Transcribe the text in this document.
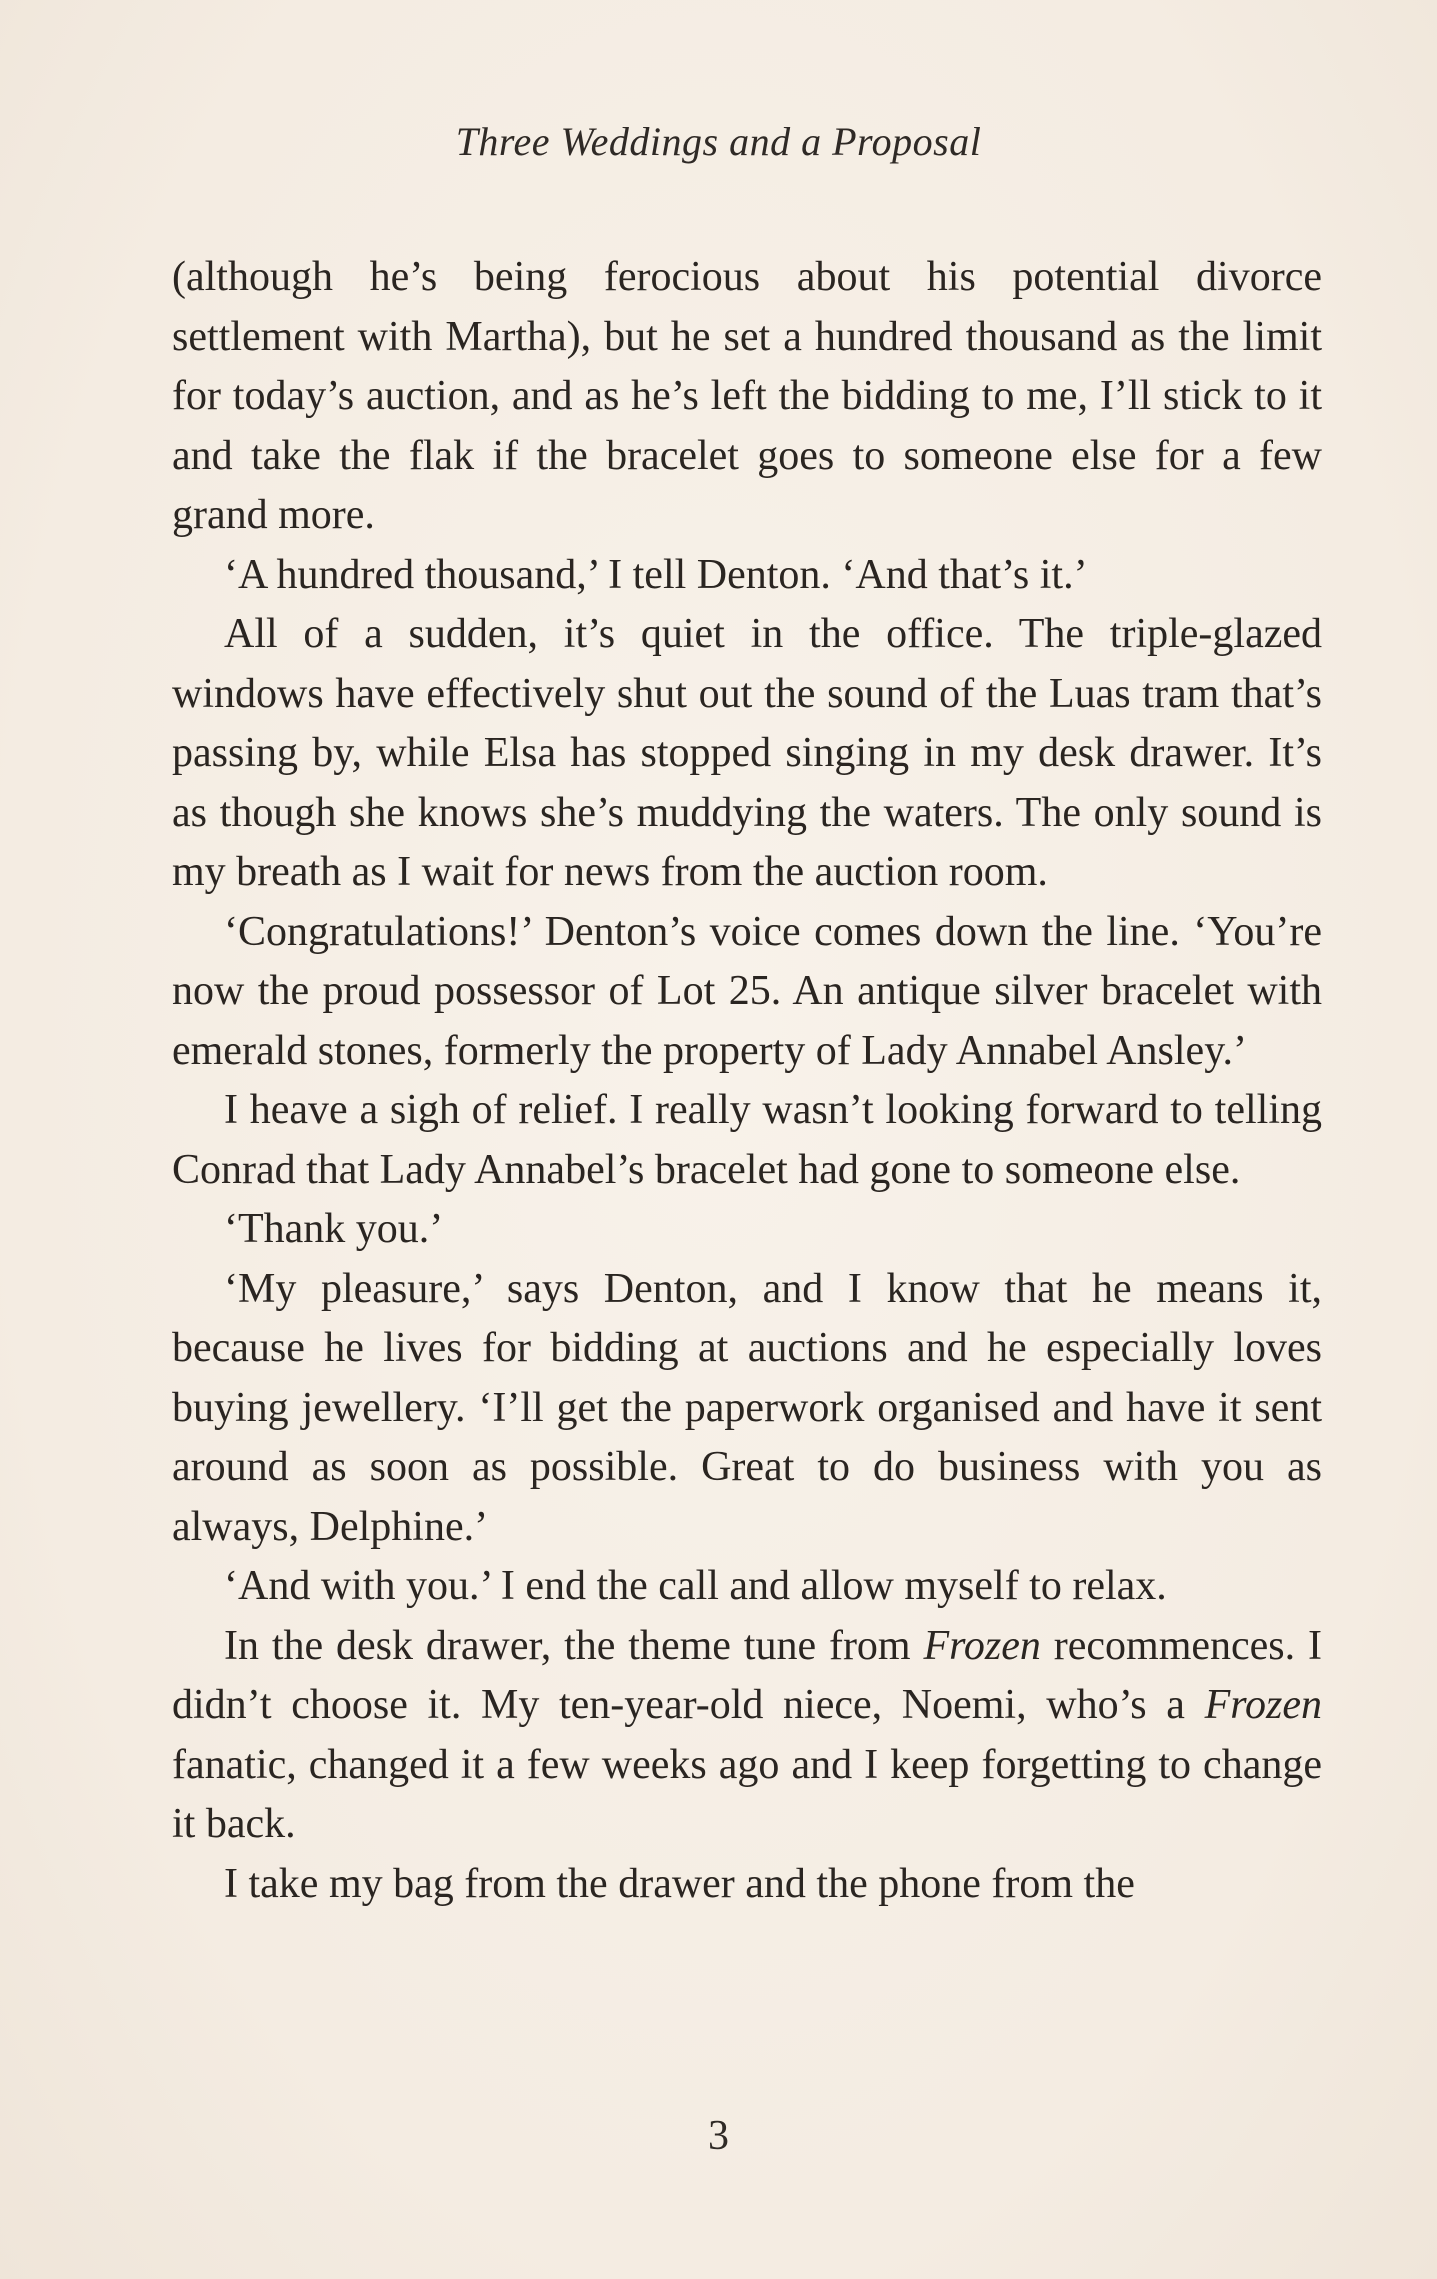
Three Weddings and a Proposal

(although he’s being ferocious about his potential divorce settlement with Martha), but he set a hundred thousand as the limit for today’s auction, and as he’s left the bidding to me, I’ll stick to it and take the flak if the bracelet goes to someone else for a few grand more.

‘A hundred thousand,’ I tell Denton. ‘And that’s it.’

All of a sudden, it’s quiet in the office. The triple-glazed windows have effectively shut out the sound of the Luas tram that’s passing by, while Elsa has stopped singing in my desk drawer. It’s as though she knows she’s muddying the waters. The only sound is my breath as I wait for news from the auction room.

‘Congratulations!’ Denton’s voice comes down the line. ‘You’re now the proud possessor of Lot 25. An antique silver bracelet with emerald stones, formerly the property of Lady Annabel Ansley.’

I heave a sigh of relief. I really wasn’t looking forward to telling Conrad that Lady Annabel’s bracelet had gone to someone else.

‘Thank you.’

‘My pleasure,’ says Denton, and I know that he means it, because he lives for bidding at auctions and he especially loves buying jewellery. ‘I’ll get the paperwork organised and have it sent around as soon as possible. Great to do business with you as always, Delphine.’

‘And with you.’ I end the call and allow myself to relax.

In the desk drawer, the theme tune from Frozen recommences. I didn’t choose it. My ten-year-old niece, Noemi, who’s a Frozen fanatic, changed it a few weeks ago and I keep forgetting to change it back.

I take my bag from the drawer and the phone from the

3
